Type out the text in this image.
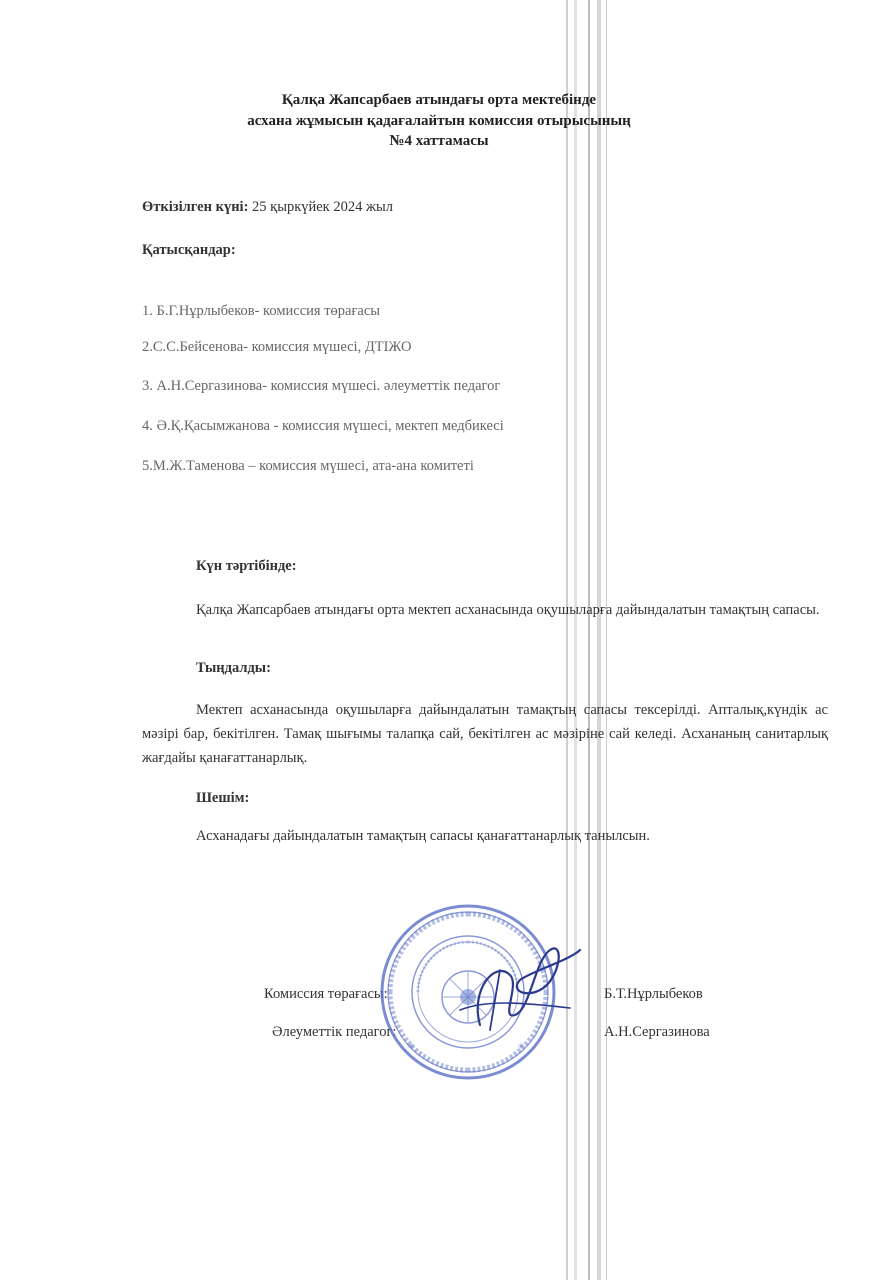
Қалқа Жапсарбаев атындағы орта мектебінде
асхана жұмысын қадағалайтын комиссия отырысының
№4 хаттамасы
Өткізілген күні: 25 қыркүйек 2024 жыл
Қатысқандар:
1. Б.Г.Нұрлыбеков- комиссия төрағасы
2.С.С.Бейсенова- комиссия мүшесі, ДТІЖО
3. А.Н.Сергазинова- комиссия мүшесі. әлеуметтік педагог
4. Ә.Қ.Қасымжанова - комиссия мүшесі, мектеп медбикесі
5.М.Ж.Таменова – комиссия мүшесі, ата-ана комитеті
Күн тәртібінде:
Қалқа Жапсарбаев атындағы орта мектеп асханасында оқушыларға дайындалатын тамақтың сапасы.
Тыңдалды:
Мектеп асханасында оқушыларға дайындалатын тамақтың сапасы тексерілді. Апталық,күндік ас мәзірі бар, бекітілген. Тамақ шығымы талапқа сай, бекітілген ас мәзіріне сай келеді. Асхананың санитарлық жағдайы қанағаттанарлық.
Шешім:
Асханадағы дайындалатын тамақтың сапасы қанағаттанарлық танылсын.
Комиссия төрағасы:	Б.Т.Нұрлыбеков
Әлеуметтік педагог:	А.Н.Сергазинова
*	*
